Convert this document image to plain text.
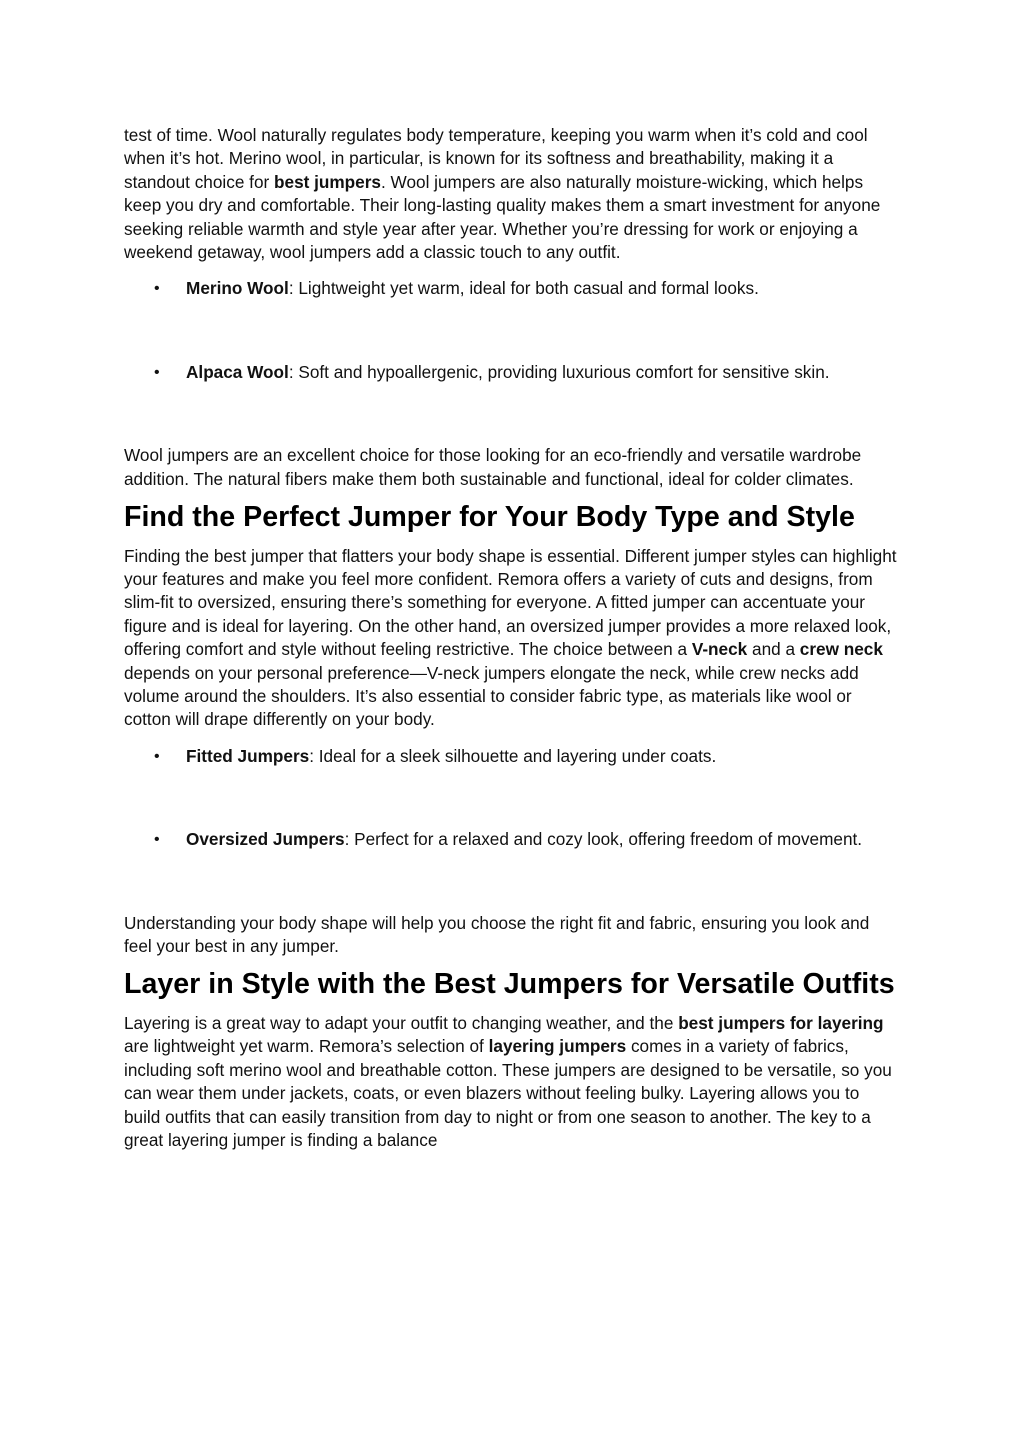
test of time. Wool naturally regulates body temperature, keeping you warm when it’s cold and cool when it’s hot. Merino wool, in particular, is known for its softness and breathability, making it a standout choice for best jumpers. Wool jumpers are also naturally moisture-wicking, which helps keep you dry and comfortable. Their long-lasting quality makes them a smart investment for anyone seeking reliable warmth and style year after year. Whether you’re dressing for work or enjoying a weekend getaway, wool jumpers add a classic touch to any outfit.

• Merino Wool: Lightweight yet warm, ideal for both casual and formal looks.
• Alpaca Wool: Soft and hypoallergenic, providing luxurious comfort for sensitive skin.

Wool jumpers are an excellent choice for those looking for an eco-friendly and versatile wardrobe addition. The natural fibers make them both sustainable and functional, ideal for colder climates.

Find the Perfect Jumper for Your Body Type and Style

Finding the best jumper that flatters your body shape is essential. Different jumper styles can highlight your features and make you feel more confident. Remora offers a variety of cuts and designs, from slim-fit to oversized, ensuring there’s something for everyone. A fitted jumper can accentuate your figure and is ideal for layering. On the other hand, an oversized jumper provides a more relaxed look, offering comfort and style without feeling restrictive. The choice between a V-neck and a crew neck depends on your personal preference—V-neck jumpers elongate the neck, while crew necks add volume around the shoulders. It’s also essential to consider fabric type, as materials like wool or cotton will drape differently on your body.

• Fitted Jumpers: Ideal for a sleek silhouette and layering under coats.
• Oversized Jumpers: Perfect for a relaxed and cozy look, offering freedom of movement.

Understanding your body shape will help you choose the right fit and fabric, ensuring you look and feel your best in any jumper.

Layer in Style with the Best Jumpers for Versatile Outfits

Layering is a great way to adapt your outfit to changing weather, and the best jumpers for layering are lightweight yet warm. Remora’s selection of layering jumpers comes in a variety of fabrics, including soft merino wool and breathable cotton. These jumpers are designed to be versatile, so you can wear them under jackets, coats, or even blazers without feeling bulky. Layering allows you to build outfits that can easily transition from day to night or from one season to another. The key to a great layering jumper is finding a balance
